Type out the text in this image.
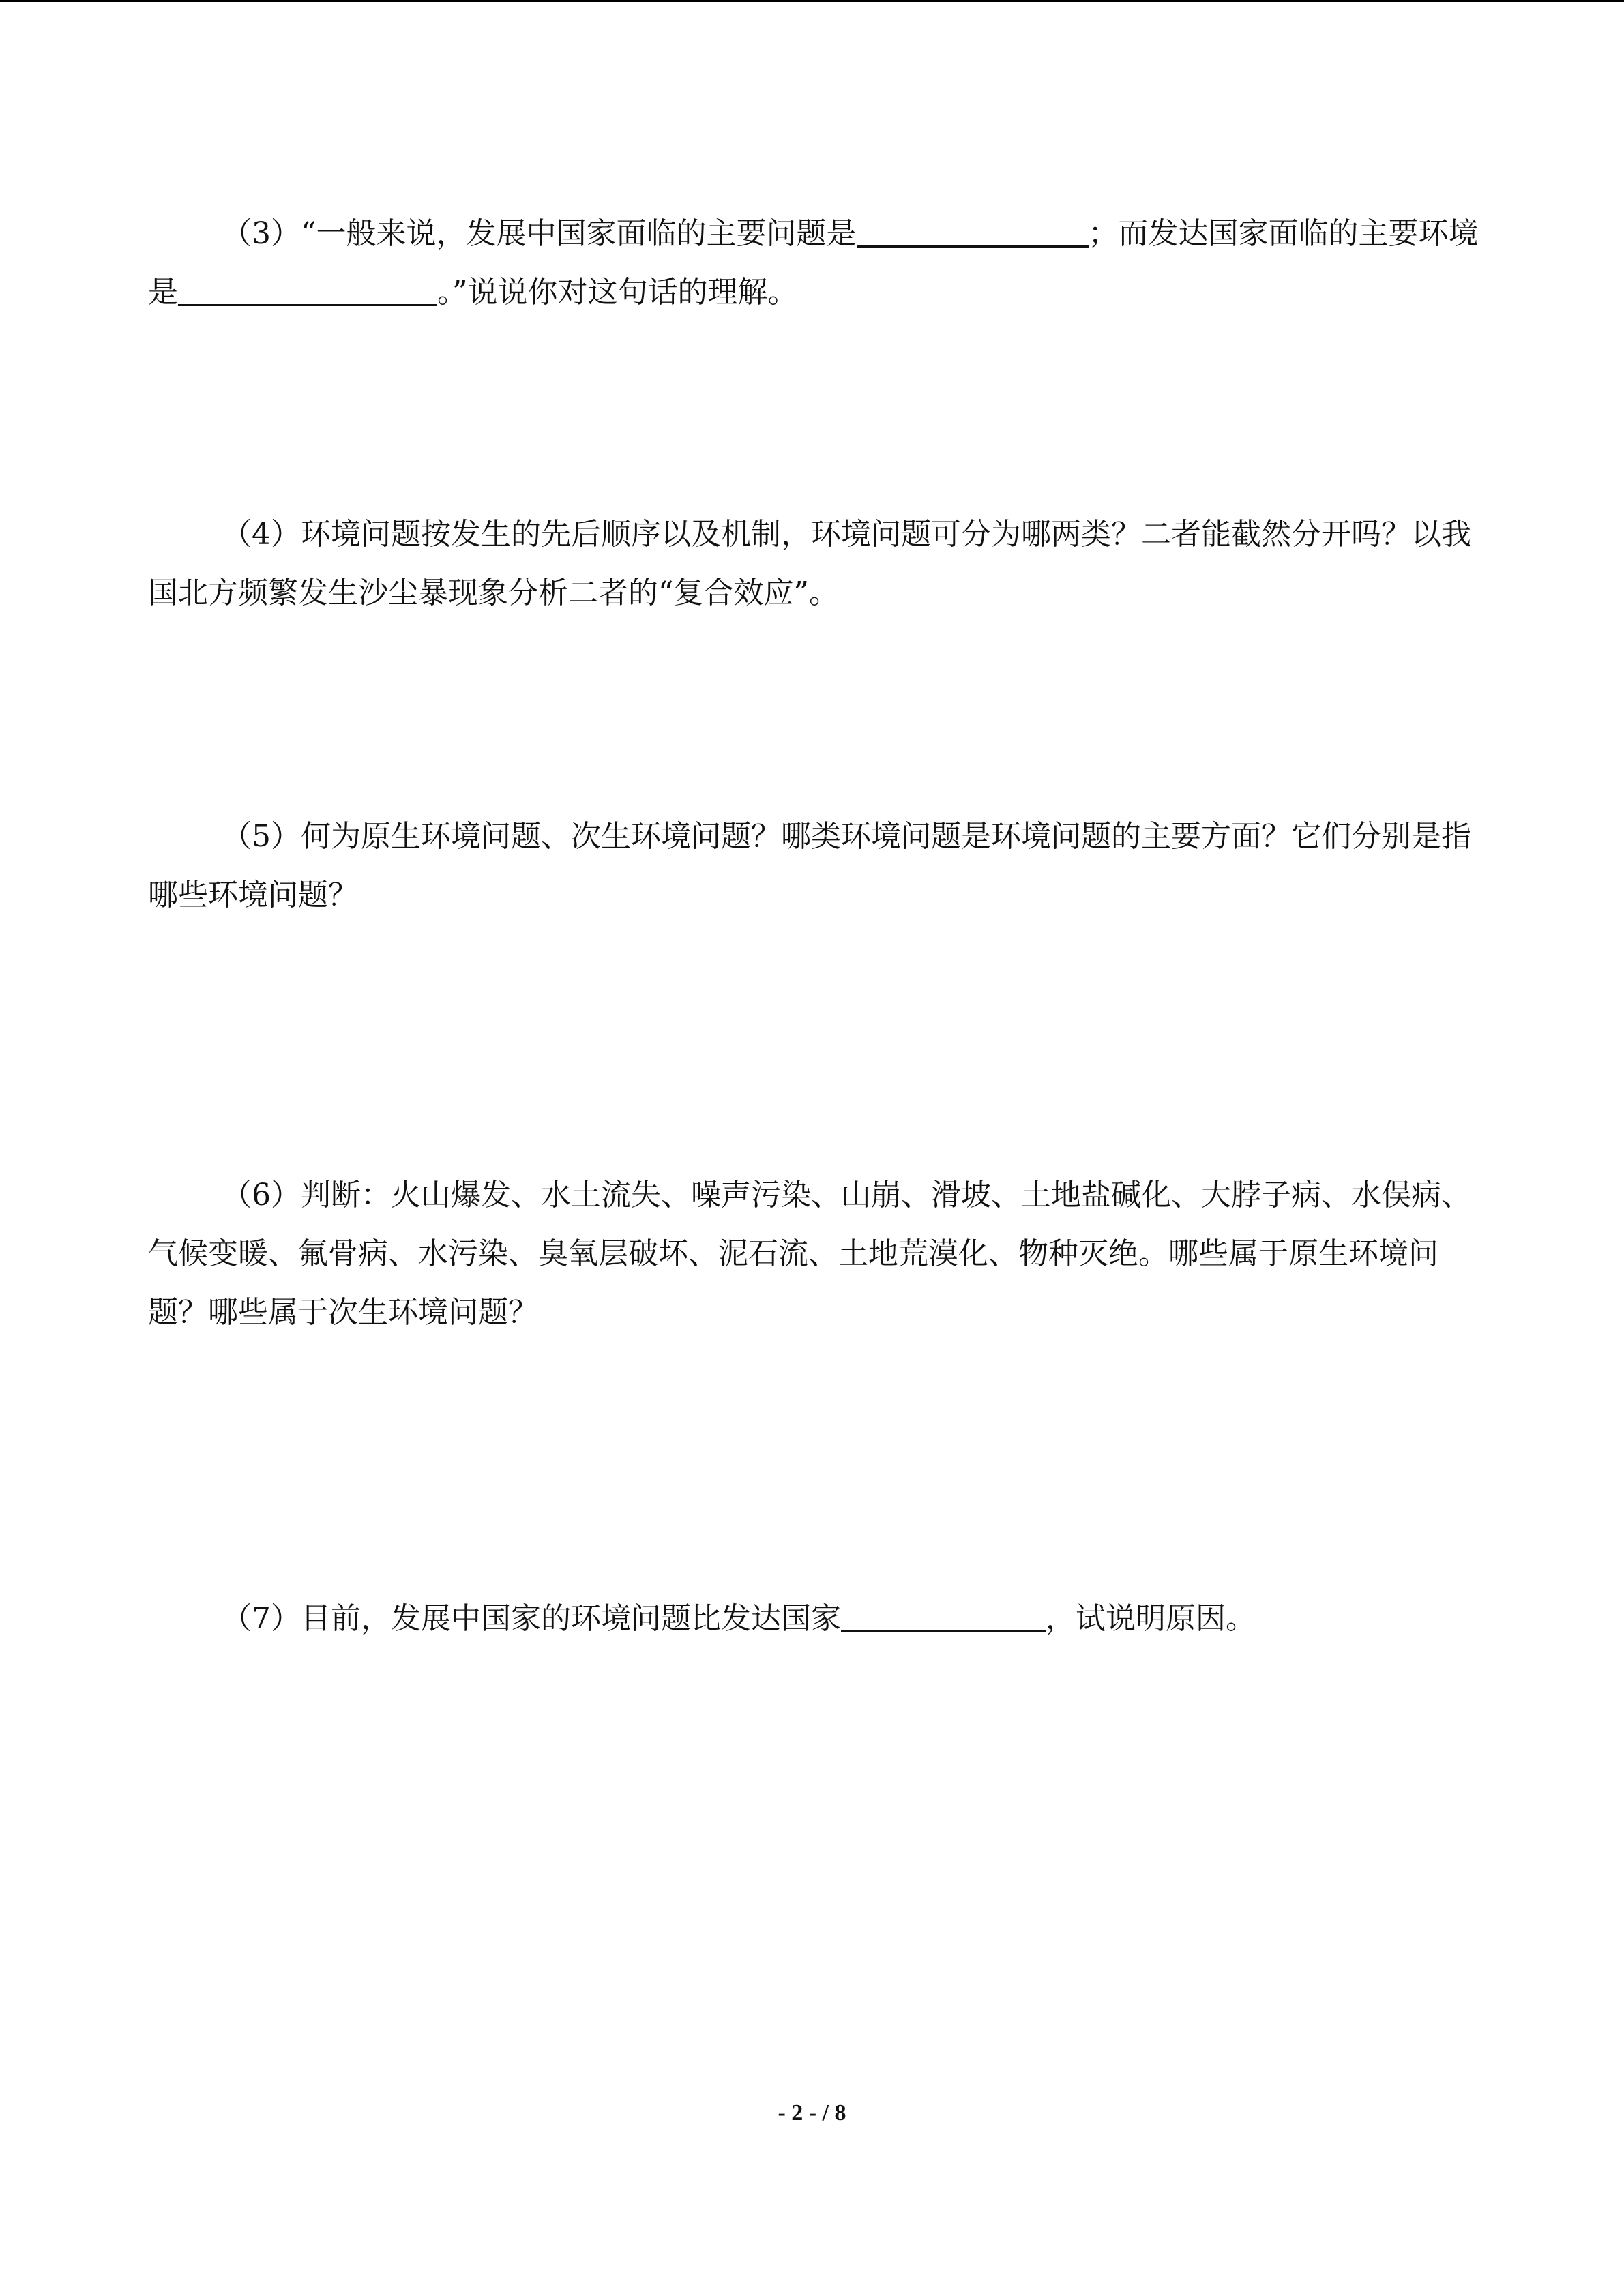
（3）“一般来说，发展中国家面临的主要问题是	；而发达国家面临的主要环境是	。”说说你对这句话的理解。

（4）环境问题按发生的先后顺序以及机制，环境问题可分为哪两类？二者能截然分开吗？以我国北方频繁发生沙尘暴现象分析二者的“复合效应”。

（5）何为原生环境问题、次生环境问题？哪类环境问题是环境问题的主要方面？它们分别是指哪些环境问题？

（6）判断：火山爆发、水土流失、噪声污染、山崩、滑坡、土地盐碱化、大脖子病、水俣病、气候变暖、氟骨病、水污染、臭氧层破坏、泥石流、土地荒漠化、物种灭绝。哪些属于原生环境问题？哪些属于次生环境问题？

（7）目前，发展中国家的环境问题比发达国家	，试说明原因。

- 2 - / 8
